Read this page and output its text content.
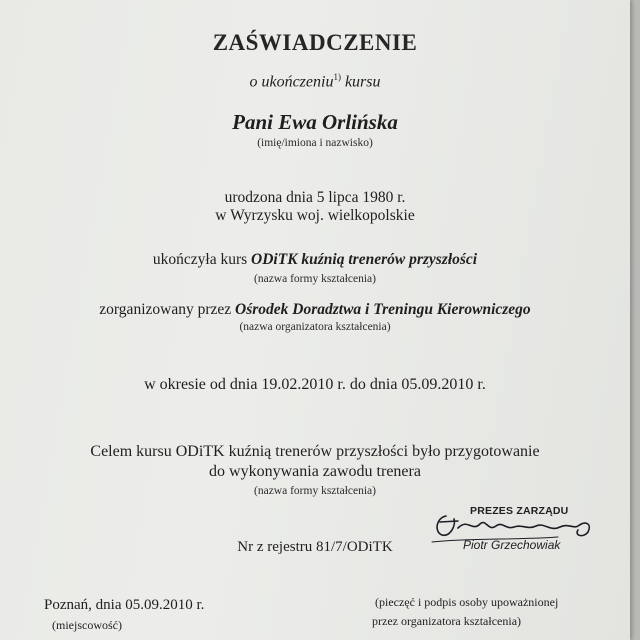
ZAŚWIADCZENIE
o ukończeniu$^{1)}$ kursu
Pani Ewa Orlińska
(imię/imiona i nazwisko)
urodzona dnia 5 lipca 1980 r.
w Wyrzysku woj. wielkopolskie
ukończyła kurs ODiTK kuźnią trenerów przyszłości
(nazwa formy kształcenia)
zorganizowany przez Ośrodek Doradztwa i Treningu Kierowniczego
(nazwa organizatora kształcenia)
w okresie od dnia 19.02.2010 r. do dnia 05.09.2010 r.
Celem kursu ODiTK kuźnią trenerów przyszłości było przygotowanie
do wykonywania zawodu trenera
(nazwa formy kształcenia)
Nr z rejestru 81/7/ODiTK
PREZES ZARZĄDU
Piotr Grzechowiak
Poznań, dnia 05.09.2010 r.
(miejscowość)
(pieczęć i podpis osoby upoważnionej
przez organizatora kształcenia)
